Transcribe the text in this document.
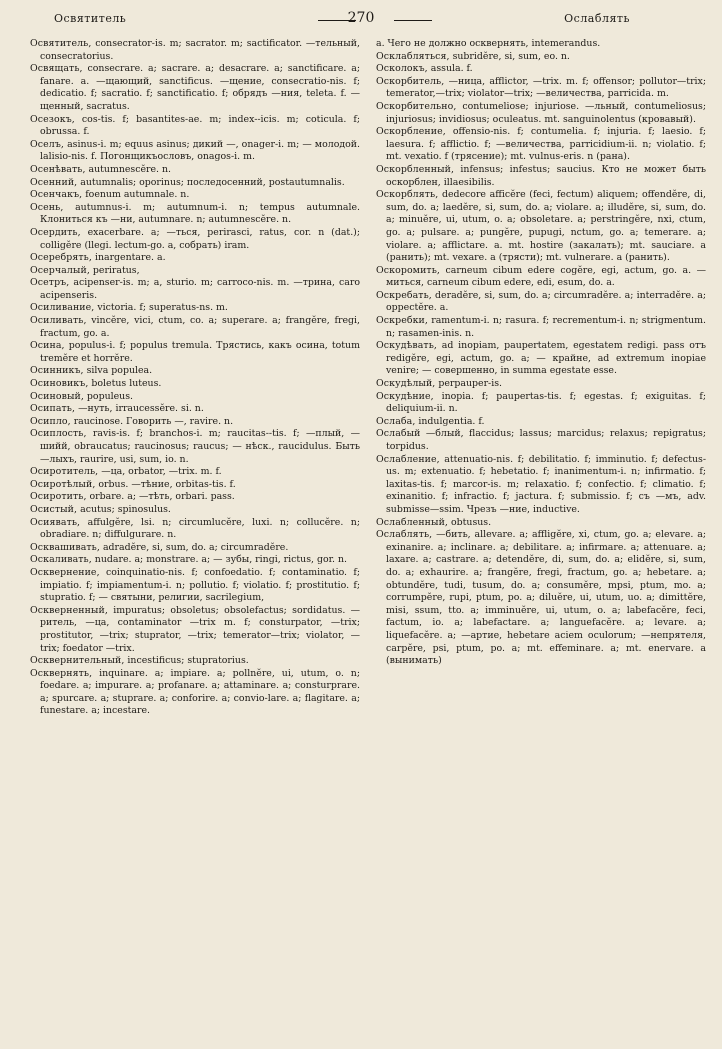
Освятитель	270	Ослаблять

Освятитель, consecrator-is. m; sacrator. m; sactificator. —тельный, consecratorius.

Освящать, consecrare. a; sacrare. a; desacrare. a; sanctificare. a; fanare. a. —щающий, sanctificus. —щение, consecratio-nis. f; dedicatio. f; sacratio. f; sanctificatio. f; обрядъ —ния, teleta. f. —щенный, sacratus.

Осезокъ, cos-tis. f; basantites-ae. m; index--icis. m; coticula. f; obrussa. f.

Оселъ, asinus-i. m; equus asinus; дикий —, onager-i. m; — молодой. lalisio-nis. f. Погонщикъословъ, onagos-i. m.

Осенѣвать, autumnescĕre. n.

Осенний, autumnalis; oporinus; последосенний, postautumnalis.

Осенчакъ, foenum autumnale. n.

Осень, autumnus-i. m; autumnum-i. n; tempus autumnale. Клониться къ —ни, autumnare. n; autumnescĕre. n.

Осердить, exacerbare. a; —ться, perirasci, ratus, cor. n (dat.); colligĕre (llegi. lectum-go. a, собрать) iram.

Осеребрять, inargentare. a.

Осерчалый, periratus,

Осетръ, acipenser-is. m; a, sturio. m; carroco-nis. m. —трина, caro acipenseris.

Осиливание, victoria. f; superatus-ns. m.

Осиливать, vincĕre, vici, ctum, co. a; superare. a; frangĕre, fregi, fractum, go. a.

Осина, populus-i. f; populus tremula. Трястись, какъ осина, totum tremĕre et horrĕre.

Осинникъ, silva populea.

Осиновикъ, boletus luteus.

Осиновый, populeus.

Осипать, —нуть, irraucessĕre. si. n.

Осипло, raucinose. Говорить —, ravire. n.

Осиплость, ravis-is. f; branchos-i. m; raucitas--tis. f; —плый, —шийй, obraucatus; raucinosus; raucus; — нѣск., raucidulus. Быть —лыхъ, raurire, usi, sum, io. n.

Осиротитель, —ца, orbator, —trix. m. f.

Осиротѣлый, orbus. —тѣние, orbitas-tis. f.

Осиротить, orbare. a; —тѣть, orbari. pass.

Осистый, acutus; spinosulus.

Осиявать, affulgĕre, lsi. n; circumlucĕre, luxi. n; collucĕre. n; obradiare. n; diffulgurare. n.

Осквашивать, adradĕre, si, sum, do. a; circumradĕre.

Оскаливать, nudare. a; monstrare. a; — зубы, ringi, rictus, gor. n.

Осквернение, coinquinatio-nis. f; confoedatio. f; contaminatio. f; impiatio. f; impiamentum-i. n; pollutio. f; violatio. f; prostitutio. f; stupratio. f; — святыни, религии, sacrilegium,

Оскверненный, impuratus; obsoletus; obsolefactus; sordidatus. —ритель, —ца, contaminator —trix m. f; consturpator, —trix; prostitutor, —trix; stuprator, —trix; temerator—trix; violator, —trix; foedator —trix.

Осквернительный, incestificus; stupratorius.

Осквернять, inquinare. a; impiare. a; pollnĕre, ui, utum, o. n; foedare. a; impurare. a; profanare. a; attaminare. a; consturprare. a; spurcare. a; stuprare. a; conforire. a; convio-lare. a; flagitare. a; funestare. a; incestare.

a. Чего не должно осквернять, intemerandus.

Осклабляться, subridĕre, si, sum, eo. n.

Осколокъ, assula. f.

Оскорбитель, —ница, afflictor, —trix. m. f; offensor; pollutor—trix; temerator,—trix; violator—trix; —величества, parricida. m.

Оскорбительно, contumeliose; injuriose. —льный, contumeliosus; injuriosus; invidiosus; oculeatus. mt. sanguinolentus (кровавый).

Оскорбление, offensio-nis. f; contumelia. f; injuria. f; laesio. f; laesura. f; afflictio. f; —величества, parricidium-ii. n; violatio. f; mt. vexatio. f (трясение); mt. vulnus-eris. n (рана).

Оскорбленный, infensus; infestus; saucius. Кто не может быть оскорблен, illaesibilis.

Оскорблять, dedecore afficĕre (feci, fectum) aliquem; offendĕre, di, sum, do. a; laedĕre, si, sum, do. a; violare. a; illudĕre, si, sum, do. a; minuĕre, ui, utum, o. a; obsoletare. a; perstringĕre, nxi, ctum, go. a; pulsare. a; pungĕre, pupugi, nctum, go. a; temerare. a; violare. a; afflictare. a. mt. hostire (закалать); mt. sauciare. a (ранить); mt. vexare. a (трясти); mt. vulnerare. a (ранить).

Оскоромить, carneum cibum edere cogĕre, egi, actum, go. a. —миться, carneum cibum ederе, edi, esum, do. a.

Оскребать, deradĕre, si, sum, do. a; circumradĕre. a; interradĕre. a; oppectĕre. a.

Оскребки, ramentum-i. n; rasura. f; recrementum-i. n; strigmentum. n; rasamen-inis. n.

Оскудѣвать, ad inopiam, paupertatem, egestatem redigi. pass отъ redigĕre, egi, actum, go. a; — крайне, ad extremum inopiae venire; — совершенно, in summa egestate esse.

Оскудѣлый, perpauper-is.

Оскудѣние, inopia. f; paupertas-tis. f; egestas. f; exiguitas. f; deliquium-ii. n.

Ослаба, indulgentia. f.

Ослабый —блый, flaccidus; lassus; marcidus; relaxus; repigratus; torpidus.

Ослабление, attenuatio-nis. f; debilitatio. f; imminutio. f; defectus-us. m; extenuatio. f; hebetatio. f; inanimentum-i. n; infirmatio. f; laxitas-tis. f; marcor-is. m; relaxatio. f; confectio. f; climatio. f; exinanitio. f; infractio. f; jactura. f; submissio. f; съ —мъ, adv. submisse—ssim. Чрезъ —ние, inductive.

Ослабленный, obtusus.

Ослаблять, —бить, allevare. a; affligĕre, xi, ctum, go. a; elevare. a; exinanire. a; inclinare. a; debilitare. a; infirmare. a; attenuare. a; laxare. a; castrare. a; detendĕre, di, sum, do. a; elidĕre, si, sum, do. a; exhaurire. a; frangĕre, fregi, fractum, go. a; hebetare. a; obtundĕre, tudi, tusum, do. a; consumĕre, mpsi, ptum, mo. a; corrumpĕre, rupi, ptum, po. a; diluĕre, ui, utum, uo. a; dimittĕre, misi, ssum, tto. a; imminuĕre, ui, utum, o. a; labefacĕre, feci, factum, io. a; labefactare. a; languefacĕre. a; levare. a; liquefacĕre. a; —артие, hebetare aciem oculorum; —непрятеля, carpĕre, psi, ptum, po. a; mt. effeminare. a; mt. enervare. a (вынимать)
